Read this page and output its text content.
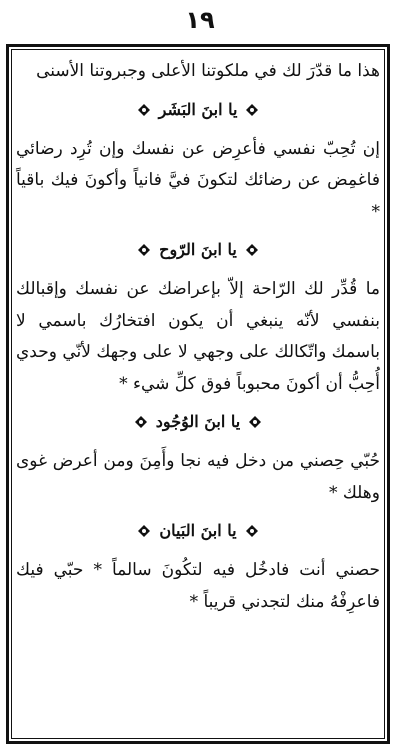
١٩

هذا ما قدّرَ لك في ملكوتنا الأعلى وجبروتنا الأسنى

يا ابنَ البَشَر

إن تُحِبّ نفسي فأعرِض عن نفسك وإن تُرِد رضائي فاغمِض عن رضائك لتكونَ فيَّ فانياً وأكونَ فيك باقياً *

يا ابنَ الرّوح

ما قُدِّر لك الرّاحة إلاّ بإعراضك عن نفسك وإقبالك بنفسي لأنّه ينبغي أن يكون افتخارُك باسمي لا باسمك واتّكالك على وجهي لا على وجهك لأنّي وحدي أُحِبُّ أن أكونَ محبوباً فوق كلِّ شيء *

يا ابنَ الوُجُود

حُبّي حِصني من دخل فيه نجا وأَمِنَ ومن أعرض غوى وهلك *

يا ابنَ البَيان

حصني أنت فادخُل فيه لتكُونَ سالماً * حبّي فيك فاعرِفْهُ منك لتجدني قريباً *
